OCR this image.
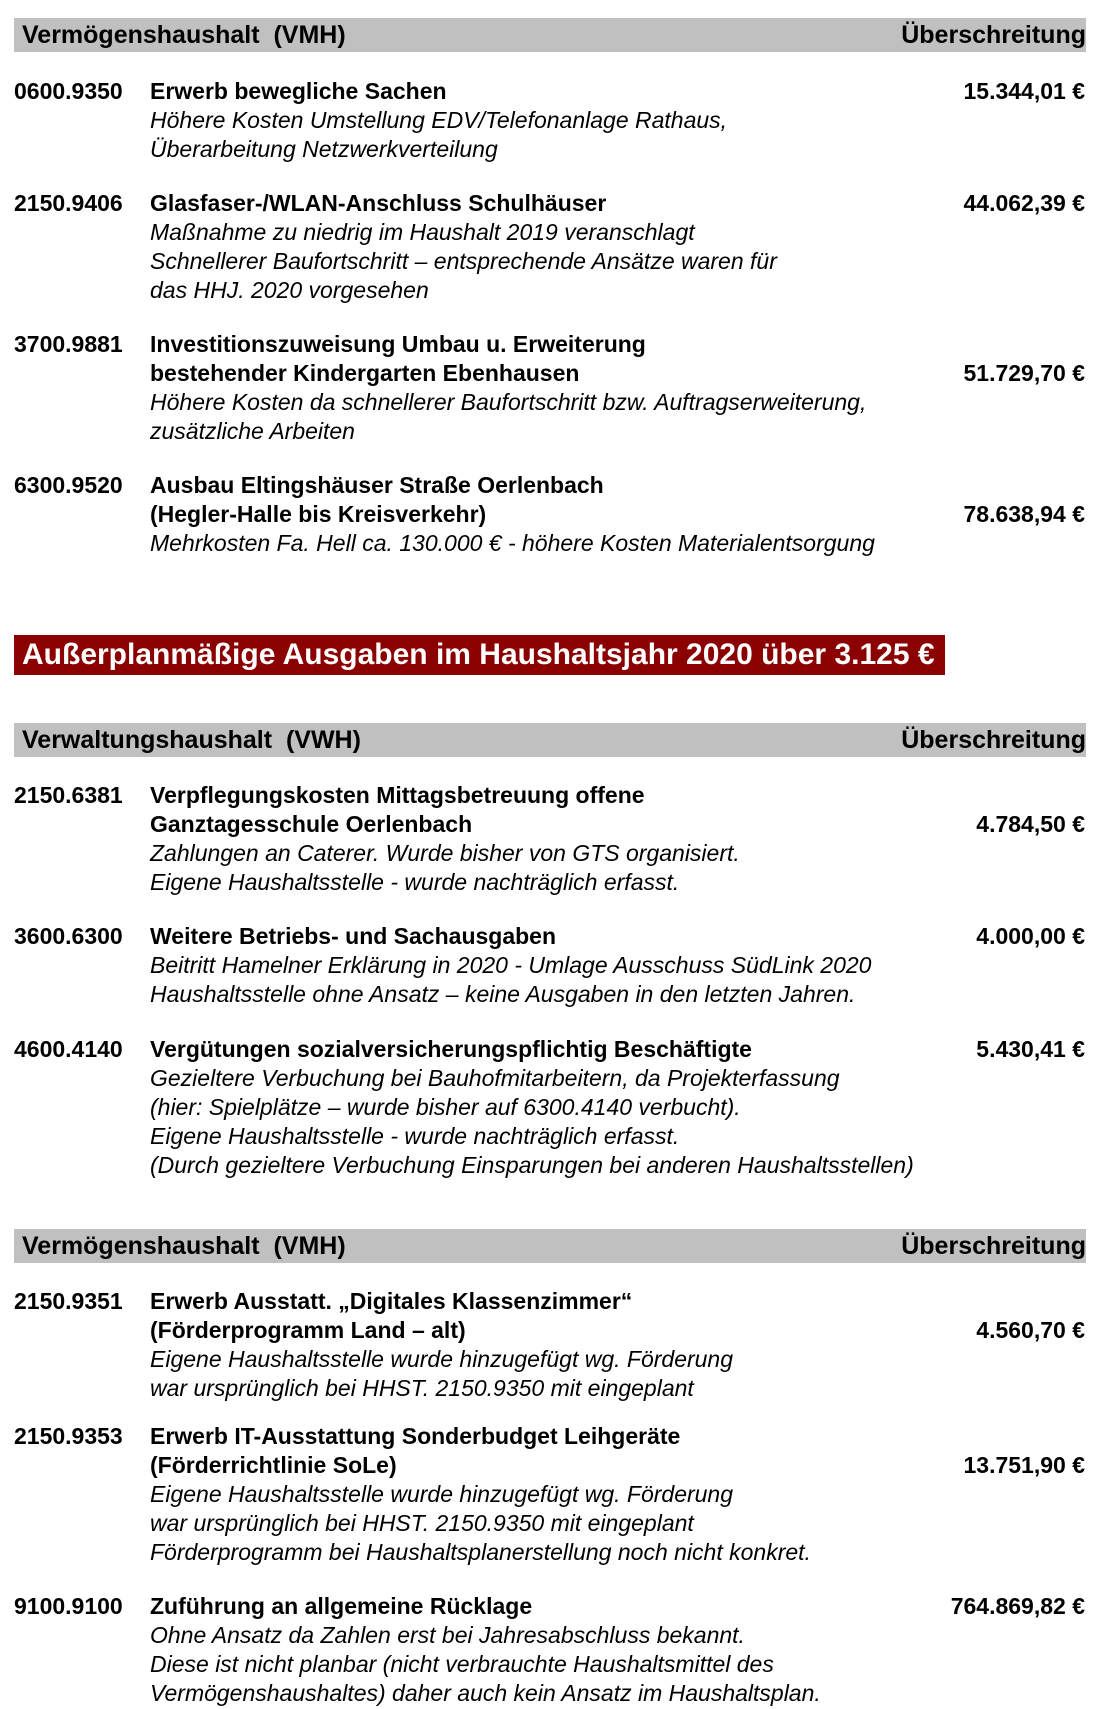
Vermögenshaushalt  (VMH)	Überschreitung
0600.9350 Erwerb bewegliche Sachen	15.344,01 €
Höhere Kosten Umstellung EDV/Telefonanlage Rathaus,
Überarbeitung Netzwerkverteilung
2150.9406 Glasfaser-/WLAN-Anschluss Schulhäuser	44.062,39 €
Maßnahme zu niedrig im Haushalt 2019 veranschlagt
Schnellerer Baufortschritt – entsprechende Ansätze waren für
das HHJ. 2020 vorgesehen
3700.9881 Investitionszuweisung Umbau u. Erweiterung
bestehender Kindergarten Ebenhausen	51.729,70 €
Höhere Kosten da schnellerer Baufortschritt bzw. Auftragserweiterung,
zusätzliche Arbeiten
6300.9520 Ausbau Eltingshäuser Straße Oerlenbach
(Hegler-Halle bis Kreisverkehr)	78.638,94 €
Mehrkosten Fa. Hell ca. 130.000 € - höhere Kosten Materialentsorgung
Außerplanmäßige Ausgaben im Haushaltsjahr 2020 über 3.125 €
Verwaltungshaushalt  (VWH)	Überschreitung
2150.6381 Verpflegungskosten Mittagsbetreuung offene
Ganztagesschule Oerlenbach	4.784,50 €
Zahlungen an Caterer. Wurde bisher von GTS organisiert.
Eigene Haushaltsstelle - wurde nachträglich erfasst.
3600.6300 Weitere Betriebs- und Sachausgaben	4.000,00 €
Beitritt Hamelner Erklärung in 2020 - Umlage Ausschuss SüdLink 2020
Haushaltsstelle ohne Ansatz – keine Ausgaben in den letzten Jahren.
4600.4140 Vergütungen sozialversicherungspflichtig Beschäftigte	5.430,41 €
Gezieltere Verbuchung bei Bauhofmitarbeitern, da Projekterfassung
(hier: Spielplätze – wurde bisher auf 6300.4140 verbucht).
Eigene Haushaltsstelle - wurde nachträglich erfasst.
(Durch gezieltere Verbuchung Einsparungen bei anderen Haushaltsstellen)
Vermögenshaushalt  (VMH)	Überschreitung
2150.9351 Erwerb Ausstatt. „Digitales Klassenzimmer“
(Förderprogramm Land – alt)	4.560,70 €
Eigene Haushaltsstelle wurde hinzugefügt wg. Förderung
war ursprünglich bei HHST. 2150.9350 mit eingeplant
2150.9353 Erwerb IT-Ausstattung Sonderbudget Leihgeräte
(Förderrichtlinie SoLe)	13.751,90 €
Eigene Haushaltsstelle wurde hinzugefügt wg. Förderung
war ursprünglich bei HHST. 2150.9350 mit eingeplant
Förderprogramm bei Haushaltsplanerstellung noch nicht konkret.
9100.9100 Zuführung an allgemeine Rücklage	764.869,82 €
Ohne Ansatz da Zahlen erst bei Jahresabschluss bekannt.
Diese ist nicht planbar (nicht verbrauchte Haushaltsmittel des
Vermögenshaushaltes) daher auch kein Ansatz im Haushaltsplan.
